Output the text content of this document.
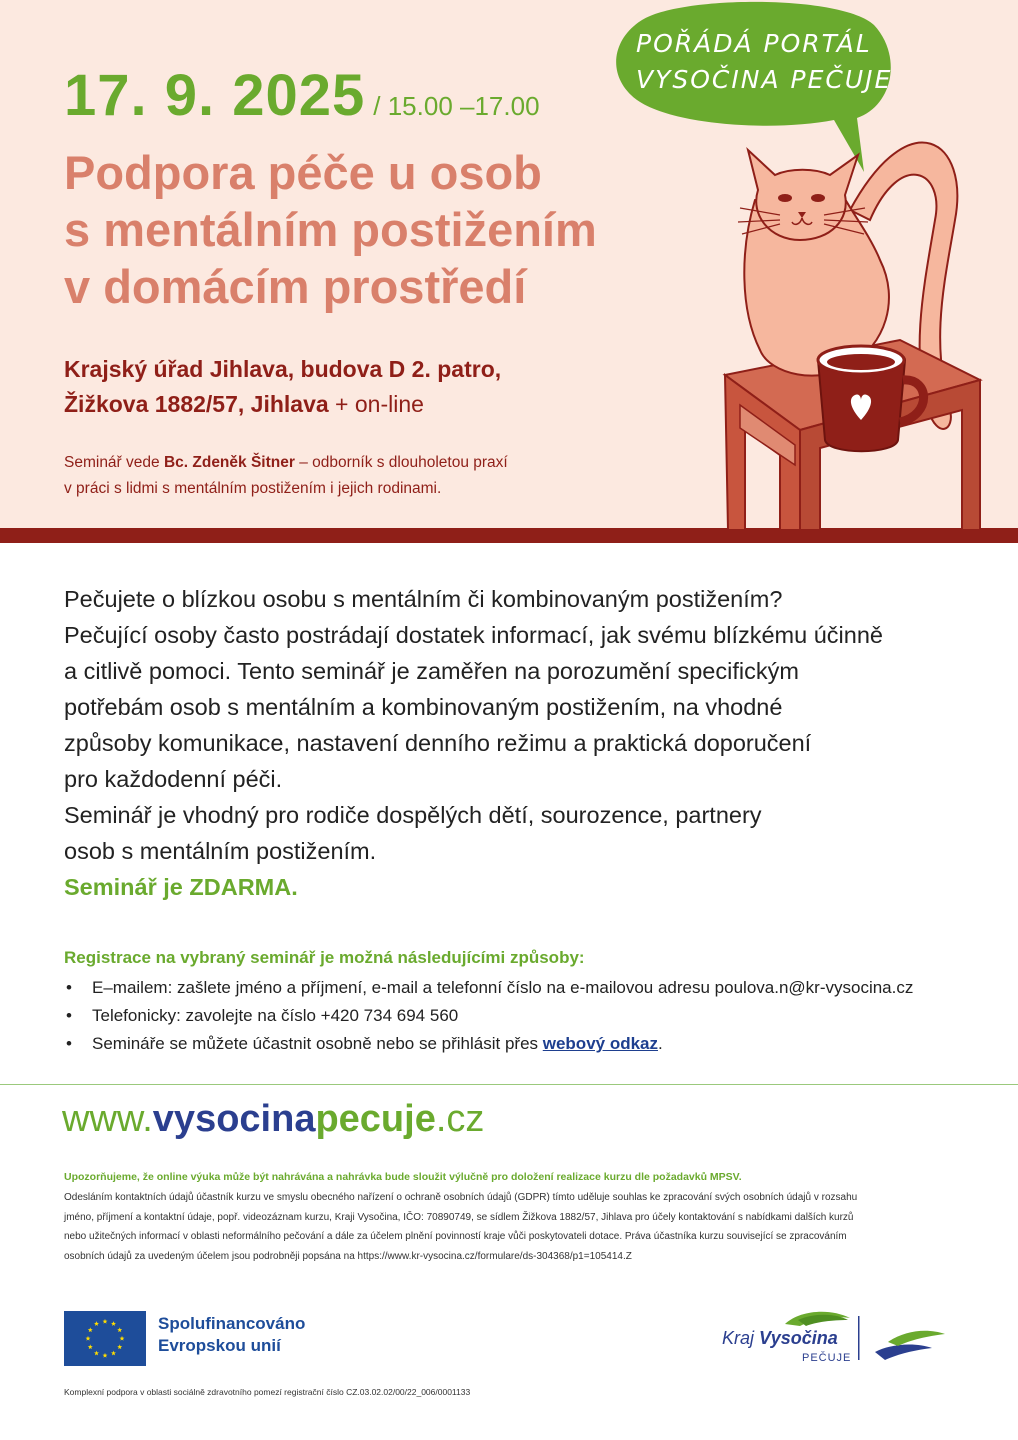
17. 9. 2025 / 15.00 –17.00
Podpora péče u osob
s mentálním postižením
v domácím prostředí
Krajský úřad Jihlava, budova D 2. patro,
Žižkova 1882/57, Jihlava + on-line
Seminář vede Bc. Zdeněk Šitner – odborník s dlouholetou praxí
v práci s lidmi s mentálním postižením i jejich rodinami.
POŘÁDÁ PORTÁL
VYSOČINA PEČUJE
Pečujete o blízkou osobu s mentálním či kombinovaným postižením?
Pečující osoby často postrádají dostatek informací, jak svému blízkému účinně
a citlivě pomoci. Tento seminář je zaměřen na porozumění specifickým
potřebám osob s mentálním a kombinovaným postižením, na vhodné
způsoby komunikace, nastavení denního režimu a praktická doporučení
pro každodenní péči.
Seminář je vhodný pro rodiče dospělých dětí, sourozence, partnery
osob s mentálním postižením.
Seminář je ZDARMA.
Registrace na vybraný seminář je možná následujícími způsoby:
• E–mailem: zašlete jméno a příjmení, e-mail a telefonní číslo na e-mailovou adresu poulova.n@kr-vysocina.cz
• Telefonicky: zavolejte na číslo +420 734 694 560
• Semináře se můžete účastnit osobně nebo se přihlásit přes webový odkaz.
www.vysocinapecuje.cz
Upozorňujeme, že online výuka může být nahrávána a nahrávka bude sloužit výlučně pro doložení realizace kurzu dle požadavků MPSV.
Odesláním kontaktních údajů účastník kurzu ve smyslu obecného nařízení o ochraně osobních údajů (GDPR) tímto uděluje souhlas ke zpracování svých osobních údajů v rozsahu
jméno, příjmení a kontaktní údaje, popř. videozáznam kurzu, Kraji Vysočina, IČO: 70890749, se sídlem Žižkova 1882/57, Jihlava pro účely kontaktování s nabídkami dalších kurzů
nebo užitečných informací v oblasti neformálního pečování a dále za účelem plnění povinností kraje vůči poskytovateli dotace. Práva účastníka kurzu související se zpracováním
osobních údajů za uvedeným účelem jsou podrobněji popsána na https://www.kr-vysocina.cz/formulare/ds-304368/p1=105414.Z
Spolufinancováno
Evropskou unií	Kraj Vysočina
PEČUJE
Komplexní podpora v oblasti sociálně zdravotního pomezí registrační číslo CZ.03.02.02/00/22_006/0001133
